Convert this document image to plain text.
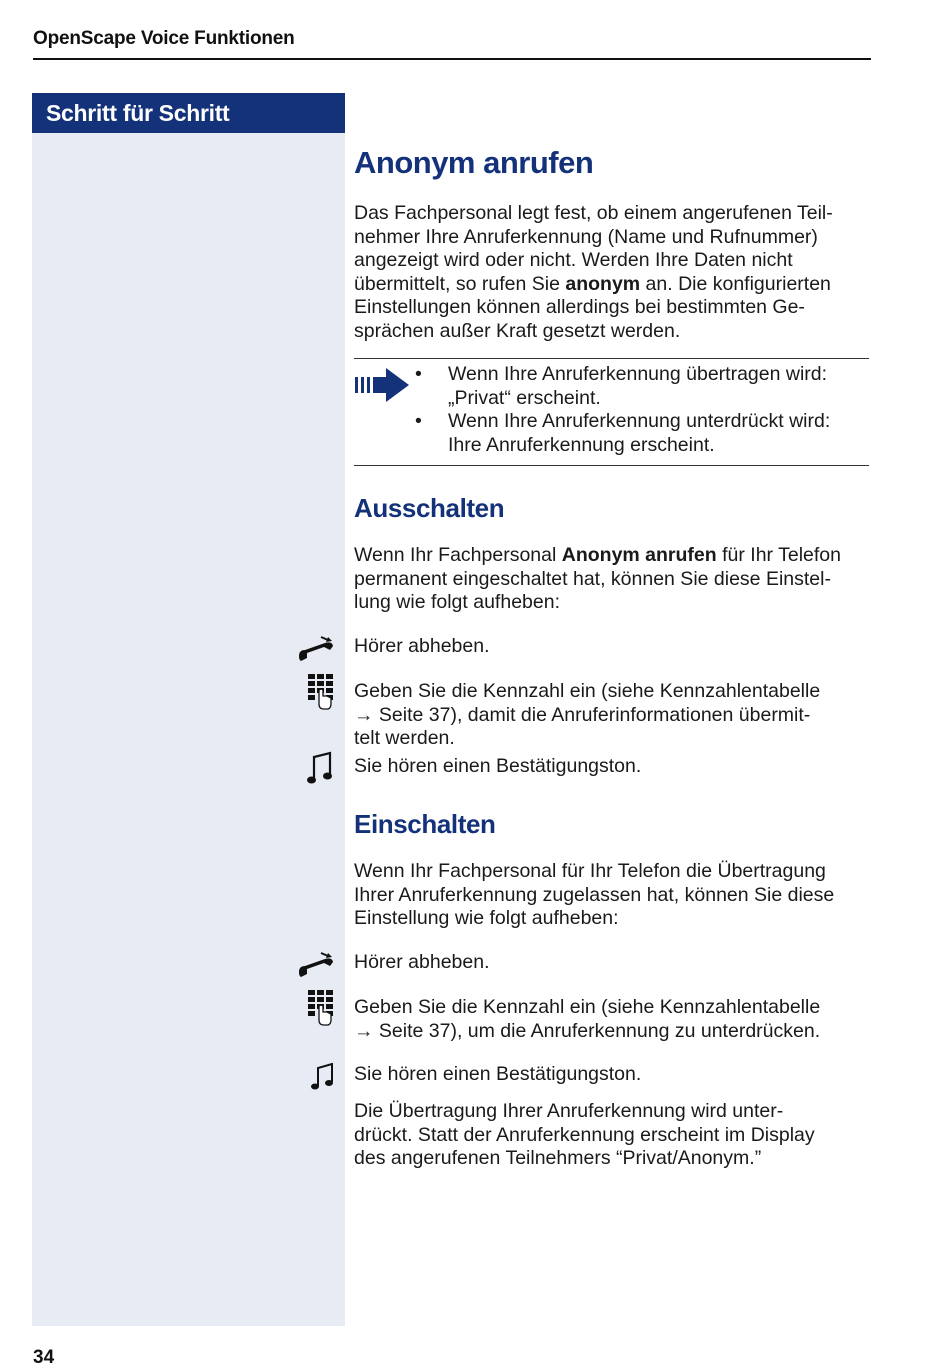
OpenScape Voice Funktionen
Schritt für Schritt
Anonym anrufen
Das Fachpersonal legt fest, ob einem angerufenen Teil-
nehmer Ihre Anruferkennung (Name und Rufnummer)
angezeigt wird oder nicht. Werden Ihre Daten nicht
übermittelt, so rufen Sie anonym an. Die konfigurierten
Einstellungen können allerdings bei bestimmten Ge-
sprächen außer Kraft gesetzt werden.
• Wenn Ihre Anruferkennung übertragen wird:
„Privat“ erscheint.
• Wenn Ihre Anruferkennung unterdrückt wird:
Ihre Anruferkennung erscheint.
Ausschalten
Wenn Ihr Fachpersonal Anonym anrufen für Ihr Telefon
permanent eingeschaltet hat, können Sie diese Einstel-
lung wie folgt aufheben:
Hörer abheben.
Geben Sie die Kennzahl ein (siehe Kennzahlentabelle
→ Seite 37), damit die Anruferinformationen übermit-
telt werden.
Sie hören einen Bestätigungston.
Einschalten
Wenn Ihr Fachpersonal für Ihr Telefon die Übertragung
Ihrer Anruferkennung zugelassen hat, können Sie diese
Einstellung wie folgt aufheben:
Hörer abheben.
Geben Sie die Kennzahl ein (siehe Kennzahlentabelle
→ Seite 37), um die Anruferkennung zu unterdrücken.
Sie hören einen Bestätigungston.
Die Übertragung Ihrer Anruferkennung wird unter-
drückt. Statt der Anruferkennung erscheint im Display
des angerufenen Teilnehmers “Privat/Anonym.”
34
